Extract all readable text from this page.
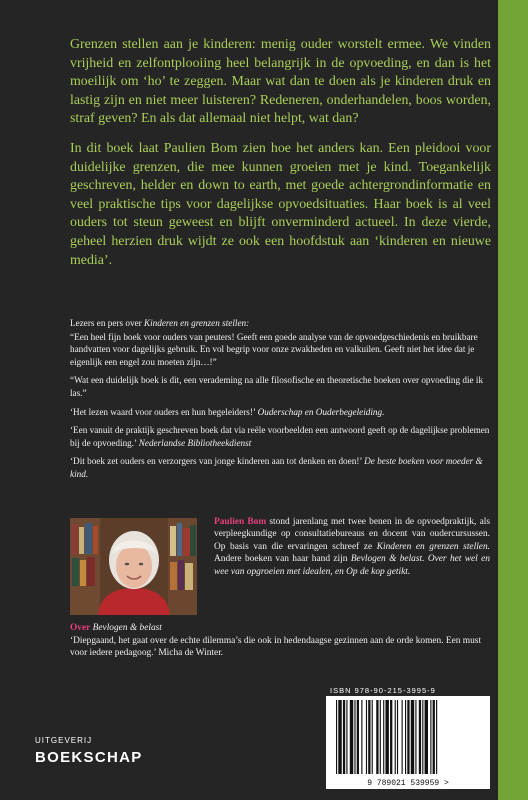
Grenzen stellen aan je kinderen: menig ouder worstelt ermee. We vinden vrijheid en zelfontplooiing heel belangrijk in de opvoeding, en dan is het moeilijk om ‘ho’ te zeggen. Maar wat dan te doen als je kinderen druk en lastig zijn en niet meer luisteren? Redeneren, onderhandelen, boos worden, straf geven? En als dat allemaal niet helpt, wat dan?

In dit boek laat Paulien Bom zien hoe het anders kan. Een pleidooi voor duidelijke grenzen, die mee kunnen groeien met je kind. Toegankelijk geschreven, helder en down to earth, met goede achtergrondinformatie en veel praktische tips voor dagelijkse opvoedsituaties. Haar boek is al veel ouders tot steun geweest en blijft onverminderd actueel. In deze vierde, geheel herzien druk wijdt ze ook een hoofdstuk aan ‘kinderen en nieuwe media’.

Lezers en pers over Kinderen en grenzen stellen:

“Een heel fijn boek voor ouders van peuters! Geeft een goede analyse van de opvoedgeschiedenis en bruikbare handvatten voor dagelijks gebruik. En vol begrip voor onze zwakheden en valkuilen. Geeft niet het idee dat je eigenlijk een engel zou moeten zijn…!”

“Wat een duidelijk boek is dit, een verademing na alle filosofische en theoretische boeken over opvoeding die ik las.”

‘Het lezen waard voor ouders en hun begeleiders!’ Ouderschap en Ouderbegeleiding.

‘Een vanuit de praktijk geschreven boek dat via reële voorbeelden een antwoord geeft op de dagelijkse problemen bij de opvoeding.’ Nederlandse Bibliotheekdienst

‘Dit boek zet ouders en verzorgers van jonge kinderen aan tot denken en doen!’ De beste boeken voor moeder & kind.

Paulien Bom stond jarenlang met twee benen in de opvoedpraktijk, als verpleegkundige op consultatiebureaus en docent van oudercursussen. Op basis van die ervaringen schreef ze Kinderen en grenzen stellen. Andere boeken van haar hand zijn Bevlogen & belast. Over het wel en wee van opgroeien met idealen, en Op de kop getikt.

Over Bevlogen & belast

‘Diepgaand, het gaat over de echte dilemma’s die ook in hedendaagse gezinnen aan de orde komen. Een must voor iedere pedagoog.’ Micha de Winter.

ISBN 978-90-215-3995-9
9 789021 539959 >
UITGEVERIJ
BOEKSCHAP
